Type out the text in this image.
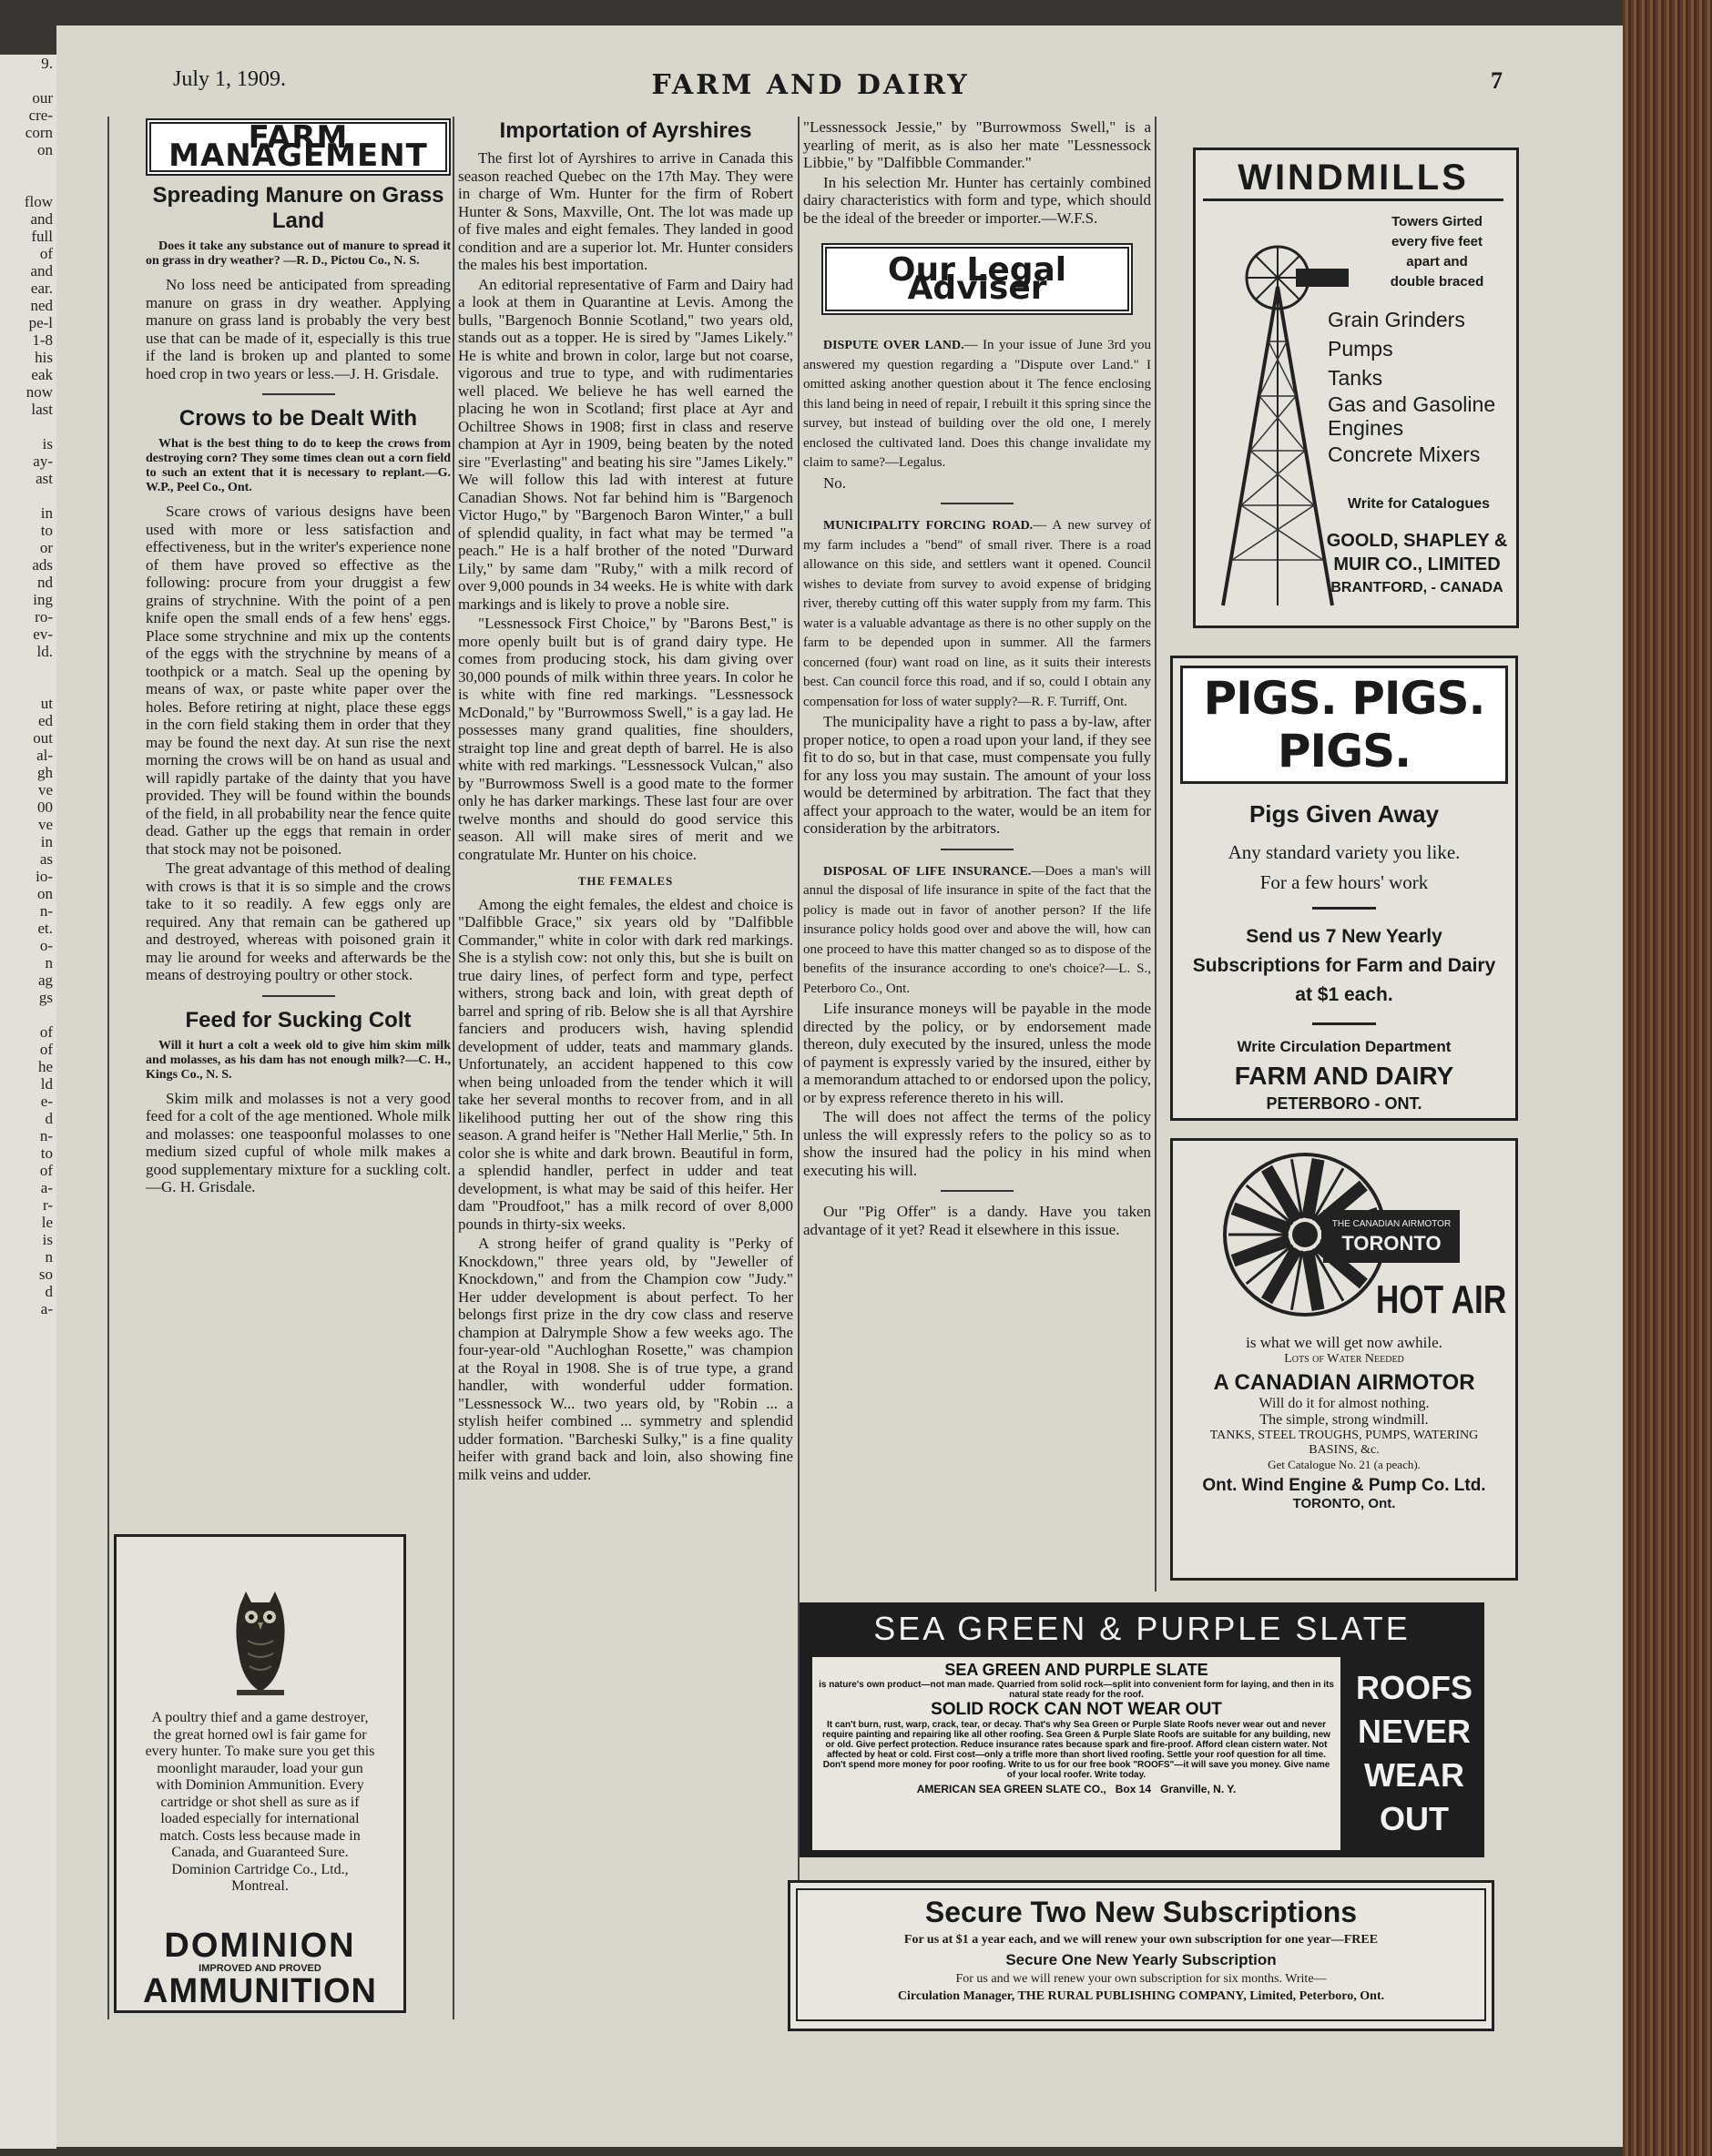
9.
our
cre-
corn
on
flow
and
full
of
and
ear.
ned
pe-l
1-8
his
eak
now
last
is
ay-
ast
in
to
or
ads
nd
ing
ro-
ev-
ld.
ut
ed
out
al-
gh
ve
00
ve
in
as
io-
on
n-
et.
o-
n
ag
gs
of
of
he
ld
e-
d
n-
to
of
a-
r-
le
is
n
so
d
a-
July 1, 1909.	FARM AND DAIRY	7
FARM MANAGEMENT
Spreading Manure on Grass Land

Does it take any substance out of manure to spread it on grass in dry weather? —R. D., Pictou Co., N. S.

No loss need be anticipated from spreading manure on grass in dry weather. Applying manure on grass land is probably the very best use that can be made of it, especially is this true if the land is broken up and planted to some hoed crop in two years or less.—J. H. Grisdale.

Crows to be Dealt With

What is the best thing to do to keep the crows from destroying corn? They some times clean out a corn field to such an extent that it is necessary to replant.—G. W.P., Peel Co., Ont.

Scare crows of various designs have been used with more or less satisfaction and effectiveness, but in the writer's experience none of them have proved so effective as the following: procure from your druggist a few grains of strychnine. With the point of a pen knife open the small ends of a few hens' eggs. Place some strychnine and mix up the contents of the eggs with the strychnine by means of a toothpick or a match. Seal up the opening by means of wax, or paste white paper over the holes. Before retiring at night, place these eggs in the corn field staking them in order that they may be found the next day. At sun rise the next morning the crows will be on hand as usual and will rapidly partake of the dainty that you have provided. They will be found within the bounds of the field, in all probability near the fence quite dead. Gather up the eggs that remain in order that stock may not be poisoned.

The great advantage of this method of dealing with crows is that it is so simple and the crows take to it so readily. A few eggs only are required. Any that remain can be gathered up and destroyed, whereas with poisoned grain it may lie around for weeks and afterwards be the means of destroying poultry or other stock.

Feed for Sucking Colt

Will it hurt a colt a week old to give him skim milk and molasses, as his dam has not enough milk?—C. H., Kings Co., N. S.

Skim milk and molasses is not a very good feed for a colt of the age mentioned. Whole milk and molasses: one teaspoonful molasses to one medium sized cupful of whole milk makes a good supplementary mixture for a suckling colt.—G. H. Grisdale.

A poultry thief and a game destroyer, the great horned owl is fair game for every hunter. To make sure you get this moonlight marauder, load your gun with Dominion Ammunition. Every cartridge or shot shell as sure as if loaded especially for international match. Costs less because made in Canada, and Guaranteed Sure. Dominion Cartridge Co., Ltd., Montreal.
DOMINION
IMPROVED AND PROVED
AMMUNITION
Importation of Ayrshires

The first lot of Ayrshires to arrive in Canada this season reached Quebec on the 17th May. They were in charge of Wm. Hunter for the firm of Robert Hunter & Sons, Maxville, Ont. The lot was made up of five males and eight females. They landed in good condition and are a superior lot. Mr. Hunter considers the males his best importation.

An editorial representative of Farm and Dairy had a look at them in Quarantine at Levis. Among the bulls, "Bargenoch Bonnie Scotland," two years old, stands out as a topper. He is sired by "James Likely." He is white and brown in color, large but not coarse, vigorous and true to type, and with rudimentaries well placed. We believe he has well earned the placing he won in Scotland; first place at Ayr and Ochiltree Shows in 1908; first in class and reserve champion at Ayr in 1909, being beaten by the noted sire "Everlasting" and beating his sire "James Likely." We will follow this lad with interest at future Canadian Shows. Not far behind him is "Bargenoch Victor Hugo," by "Bargenoch Baron Winter," a bull of splendid quality, in fact what may be termed "a peach." He is a half brother of the noted "Durward Lily," by same dam "Ruby," with a milk record of over 9,000 pounds in 34 weeks. He is white with dark markings and is likely to prove a noble sire.

"Lessnessock First Choice," by "Barons Best," is more openly built but is of grand dairy type. He comes from producing stock, his dam giving over 30,000 pounds of milk within three years. In color he is white with fine red markings. "Lessnessock McDonald," by "Burrowmoss Swell," is a gay lad. He possesses many grand qualities, fine shoulders, straight top line and great depth of barrel. He is also white with red markings. "Lessnessock Vulcan," also by "Burrowmoss Swell is a good mate to the former only he has darker markings. These last four are over twelve months and should do good service this season. All will make sires of merit and we congratulate Mr. Hunter on his choice.

THE FEMALES

Among the eight females, the eldest and choice is "Dalfibble Grace," six years old by "Dalfibble Commander," white in color with dark red markings. She is a stylish cow: not only this, but she is built on true dairy lines, of perfect form and type, perfect withers, strong back and loin, with great depth of barrel and spring of rib. Below she is all that Ayrshire fanciers and producers wish, having splendid development of udder, teats and mammary glands. Unfortunately, an accident happened to this cow when being unloaded from the tender which it will take her several months to recover from, and in all likelihood putting her out of the show ring this season. A grand heifer is "Nether Hall Merlie," 5th. In color she is white and dark brown. Beautiful in form, a splendid handler, perfect in udder and teat development, is what may be said of this heifer. Her dam "Proudfoot," has a milk record of over 8,000 pounds in thirty-six weeks.

A strong heifer of grand quality is "Perky of Knockdown," three years old, by "Jeweller of Knockdown," and from the Champion cow "Judy." Her udder development is about perfect. To her belongs first prize in the dry cow class and reserve champion at Dalrymple Show a few weeks ago. The four-year-old "Auchloghan Rosette," was champion at the Royal in 1908. She is of true type, a grand handler, with wonderful udder formation. "Lessnessock W... two years old, by "Robin ... a stylish heifer combined ... symmetry and splendid udder formation. "Barcheski Sulky," is a fine quality heifer with grand back and loin, also showing fine milk veins and udder.

"Lessnessock Jessie," by "Burrowmoss Swell," is a yearling of merit, as is also her mate "Lessnessock Libbie," by "Dalfibble Commander."

In his selection Mr. Hunter has certainly combined dairy characteristics with form and type, which should be the ideal of the breeder or importer.—W.F.S.

Our Legal Adviser

DISPUTE OVER LAND.— In your issue of June 3rd you answered my question regarding a "Dispute over Land." I omitted asking another question about it The fence enclosing this land being in need of repair, I rebuilt it this spring since the survey, but instead of building over the old one, I merely enclosed the cultivated land. Does this change invalidate my claim to same?—Legalus.

No.

MUNICIPALITY FORCING ROAD.— A new survey of my farm includes a "bend" of small river. There is a road allowance on this side, and settlers want it opened. Council wishes to deviate from survey to avoid expense of bridging river, thereby cutting off this water supply from my farm. This water is a valuable advantage as there is no other supply on the farm to be depended upon in summer. All the farmers concerned (four) want road on line, as it suits their interests best. Can council force this road, and if so, could I obtain any compensation for loss of water supply?—R. F. Turriff, Ont.

The municipality have a right to pass a by-law, after proper notice, to open a road upon your land, if they see fit to do so, but in that case, must compensate you fully for any loss you may sustain. The amount of your loss would be determined by arbitration. The fact that they affect your approach to the water, would be an item for consideration by the arbitrators.

DISPOSAL OF LIFE INSURANCE.—Does a man's will annul the disposal of life insurance in spite of the fact that the policy is made out in favor of another person? If the life insurance policy holds good over and above the will, how can one proceed to have this matter changed so as to dispose of the benefits of the insurance according to one's choice?—L. S., Peterboro Co., Ont.

Life insurance moneys will be payable in the mode directed by the policy, or by endorsement made thereon, duly executed by the insured, unless the mode of payment is expressly varied by the insured, either by a memorandum attached to or endorsed upon the policy, or by express reference thereto in his will.

The will does not affect the terms of the policy unless the will expressly refers to the policy so as to show the insured had the policy in his mind when executing his will.

Our "Pig Offer" is a dandy. Have you taken advantage of it yet? Read it elsewhere in this issue.

WINDMILLS
Towers Girted
every five feet
apart and
double braced
Grain Grinders
Pumps
Tanks
Gas and Gasoline Engines
Concrete Mixers
Write for Catalogues
GOOLD, SHAPLEY &
MUIR CO., LIMITED
BRANTFORD, - CANADA
PIGS. PIGS. PIGS.
Pigs Given Away
Any standard variety you like.
For a few hours' work
Send us 7 New Yearly Subscriptions for Farm and Dairy at $1 each.
Write Circulation Department
FARM AND DAIRY
PETERBORO - ONT.
THE CANADIAN AIRMOTOR
TORONTO
HOT AIR
is what we will get now awhile.
Lots of Water Needed
A CANADIAN AIRMOTOR
Will do it for almost nothing.
The simple, strong windmill.
TANKS, STEEL TROUGHS, PUMPS, WATERING BASINS, &c.
Get Catalogue No. 21 (a peach).
Ont. Wind Engine & Pump Co. Ltd.
TORONTO, Ont.
SEA GREEN & PURPLE SLATE
SEA GREEN AND PURPLE SLATE
is nature's own product—not man made. Quarried from solid rock—split into convenient form for laying, and then in its natural state ready for the roof.
SOLID ROCK CAN NOT WEAR OUT
It can't burn, rust, warp, crack, tear, or decay. That's why Sea Green or Purple Slate Roofs never wear out and never require painting and repairing like all other roofing. Sea Green & Purple Slate Roofs are suitable for any building, new or old. Give perfect protection. Reduce insurance rates because spark and fire-proof. Afford clean cistern water. Not affected by heat or cold. First cost—only a trifle more than short lived roofing. Settle your roof question for all time. Don't spend more money for poor roofing. Write to us for our free book "ROOFS"—it will save you money. Give name of your local roofer. Write today.
AMERICAN SEA GREEN SLATE CO., Box 14 Granville, N. Y.
ROOFS
NEVER
WEAR
OUT
Secure Two New Subscriptions
For us at $1 a year each, and we will renew your own subscription for one year—FREE
Secure One New Yearly Subscription
For us and we will renew your own subscription for six months. Write—
Circulation Manager, THE RURAL PUBLISHING COMPANY, Limited, Peterboro, Ont.
